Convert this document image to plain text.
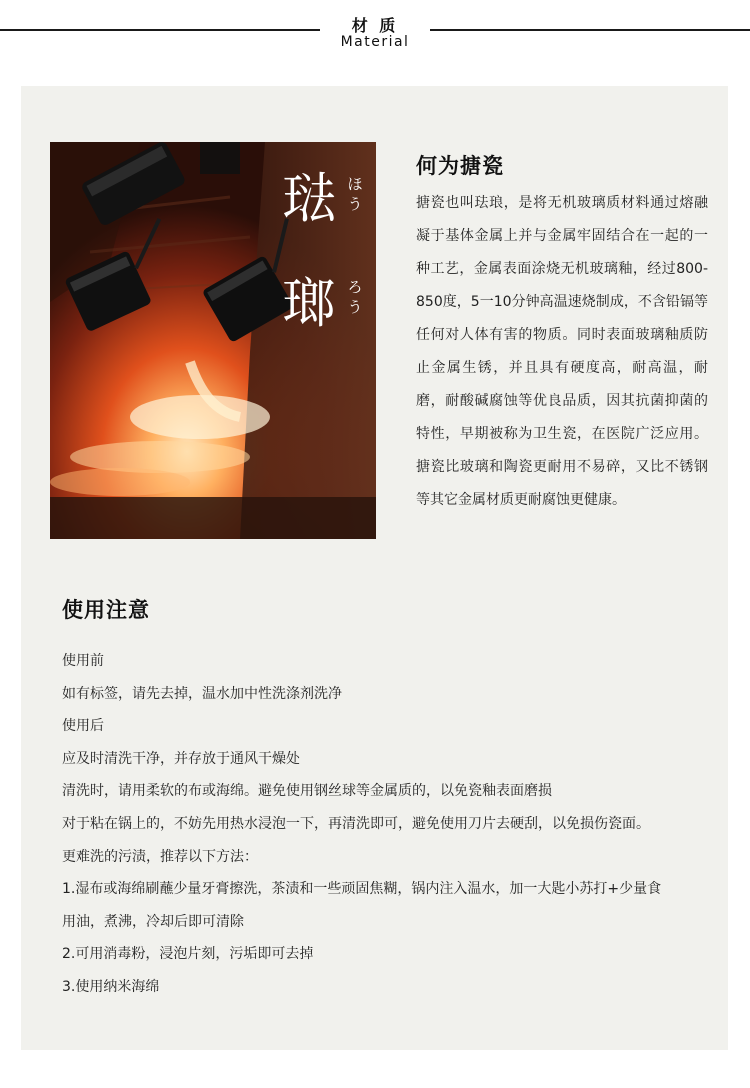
材 质
Material
琺
瑯
ほう
ろう
何为搪瓷

搪瓷也叫珐琅，是将无机玻璃质材料通过熔融凝于基体金属上并与金属牢固结合在一起的一种工艺，金属表面涂烧无机玻璃釉，经过800-850度，5一10分钟高温速烧制成，不含铅镉等任何对人体有害的物质。同时表面玻璃釉质防止金属生锈，并且具有硬度高，耐高温，耐磨，耐酸碱腐蚀等优良品质，因其抗菌抑菌的特性，早期被称为卫生瓷，在医院广泛应用。搪瓷比玻璃和陶瓷更耐用不易碎，又比不锈钢等其它金属材质更耐腐蚀更健康。

使用注意
使用前
如有标签，请先去掉，温水加中性洗涤剂洗净
使用后
应及时清洗干净，并存放于通风干燥处
清洗时，请用柔软的布或海绵。避免使用钢丝球等金属质的，以免瓷釉表面磨损
对于粘在锅上的，不妨先用热水浸泡一下，再清洗即可，避免使用刀片去硬刮，以免损伤瓷面。
更难洗的污渍，推荐以下方法：
1.湿布或海绵刷蘸少量牙膏擦洗，茶渍和一些顽固焦糊，锅内注入温水，加一大匙小苏打+少量食
用油，煮沸，冷却后即可清除
2.可用消毒粉，浸泡片刻，污垢即可去掉
3.使用纳米海绵
